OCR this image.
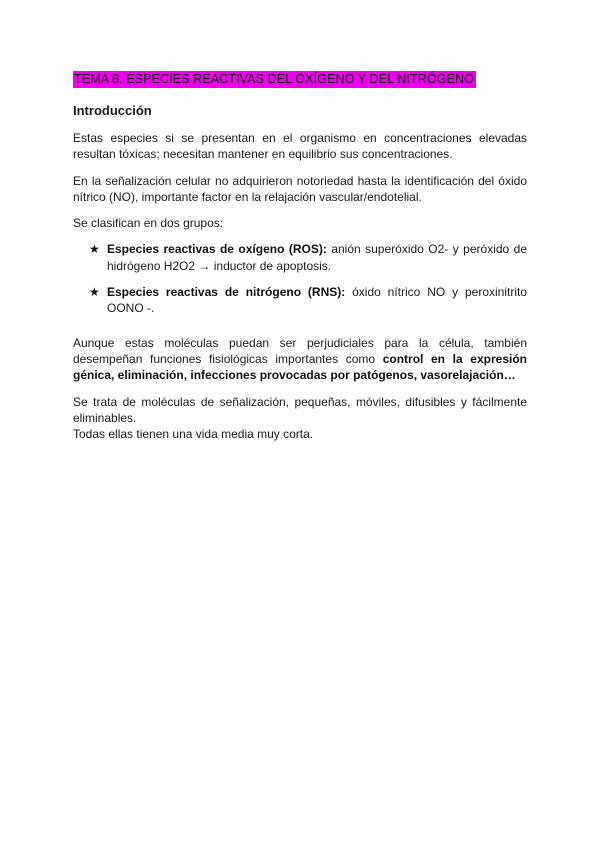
TEMA 8. ESPECIES REACTIVAS DEL OXÍGENO Y DEL NITRÓGENO
Introducción

Estas especies si se presentan en el organismo en concentraciones elevadas resultan tóxicas; necesitan mantener en equilibrio sus concentraciones.

En la señalización celular no adquirieron notoriedad hasta la identificación del óxido nítrico (NO), importante factor en la relajación vascular/endotelial.

Se clasifican en dos grupos:

★ Especies reactivas de oxígeno (ROS): anión superóxido O2- y peróxido de hidrógeno H2O2 → inductor de apoptosis.
★ Especies reactivas de nitrógeno (RNS): óxido nítrico NO y peroxinitrito OONO -.

Aunque estas moléculas puedan ser perjudiciales para la célula, también desempeñan funciones fisiológicas importantes como control en la expresión génica, eliminación, infecciones provocadas por patógenos, vasorelajación…

Se trata de moléculas de señalización, pequeñas, móviles, difusibles y fácilmente eliminables.

Todas ellas tienen una vida media muy corta.
